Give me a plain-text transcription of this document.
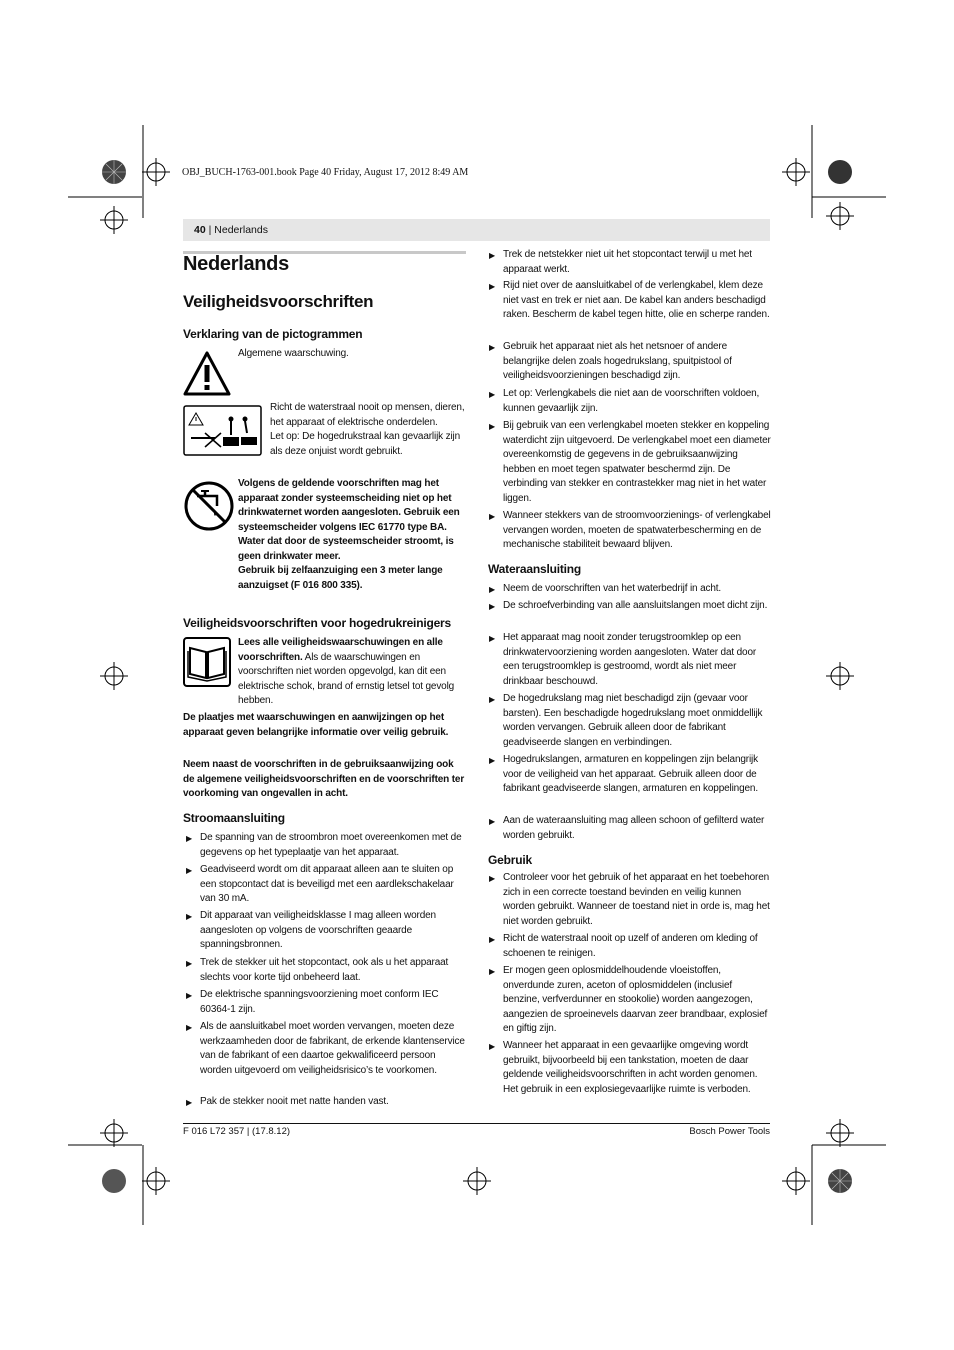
OBJ_BUCH-1763-001.book Page 40 Friday, August 17, 2012 8:49 AM
40 | Nederlands
Nederlands
Veiligheidsvoorschriften
Verklaring van de pictogrammen
Algemene waarschuwing.
Richt de waterstraal nooit op mensen, dieren, het apparaat of elektrische onderdelen.
Let op: De hogedrukstraal kan gevaarlijk zijn als deze onjuist wordt gebruikt.
Volgens de geldende voorschriften mag het apparaat zonder systeemscheiding niet op het drinkwaternet worden aangesloten. Gebruik een systeemscheider volgens IEC 61770 type BA.
Water dat door de systeemscheider stroomt, is geen drinkwater meer.
Gebruik bij zelfaanzuiging een 3 meter lange aanzuigset (F 016 800 335).
Veiligheidsvoorschriften voor hogedrukreinigers
Lees alle veiligheidswaarschuwingen en alle voorschriften. Als de waarschuwingen en voorschriften niet worden opgevolgd, kan dit een elektrische schok, brand of ernstig letsel tot gevolg hebben.
De plaatjes met waarschuwingen en aanwijzingen op het apparaat geven belangrijke informatie over veilig gebruik.
Neem naast de voorschriften in de gebruiksaanwijzing ook de algemene veiligheidsvoorschriften en de voorschriften ter voorkoming van ongevallen in acht.
Stroomaansluiting
▶ De spanning van de stroombron moet overeenkomen met de gegevens op het typeplaatje van het apparaat.
▶ Geadviseerd wordt om dit apparaat alleen aan te sluiten op een stopcontact dat is beveiligd met een aardlekschakelaar van 30 mA.
▶ Dit apparaat van veiligheidsklasse I mag alleen worden aangesloten op volgens de voorschriften geaarde spanningsbronnen.
▶ Trek de stekker uit het stopcontact, ook als u het apparaat slechts voor korte tijd onbeheerd laat.
▶ De elektrische spanningsvoorziening moet conform IEC 60364-1 zijn.
▶ Als de aansluitkabel moet worden vervangen, moeten deze werkzaamheden door de fabrikant, de erkende klantenservice van de fabrikant of een daartoe gekwalificeerd persoon worden uitgevoerd om veiligheidsrisico’s te voorkomen.
▶ Pak de stekker nooit met natte handen vast.
▶ Trek de netstekker niet uit het stopcontact terwijl u met het apparaat werkt.
▶ Rijd niet over de aansluitkabel of de verlengkabel, klem deze niet vast en trek er niet aan. De kabel kan anders beschadigd raken. Bescherm de kabel tegen hitte, olie en scherpe randen.
▶ Gebruik het apparaat niet als het netsnoer of andere belangrijke delen zoals hogedrukslang, spuitpistool of veiligheidsvoorzieningen beschadigd zijn.
▶ Let op: Verlengkabels die niet aan de voorschriften voldoen, kunnen gevaarlijk zijn.
▶ Bij gebruik van een verlengkabel moeten stekker en koppeling waterdicht zijn uitgevoerd. De verlengkabel moet een diameter overeenkomstig de gegevens in de gebruiksaanwijzing hebben en moet tegen spatwater beschermd zijn. De verbinding van stekker en contrastekker mag niet in het water liggen.
▶ Wanneer stekkers van de stroomvoorzienings- of verlengkabel vervangen worden, moeten de spatwaterbescherming en de mechanische stabiliteit bewaard blijven.
Wateraansluiting
▶ Neem de voorschriften van het waterbedrijf in acht.
▶ De schroefverbinding van alle aansluitslangen moet dicht zijn.
▶ Het apparaat mag nooit zonder terugstroomklep op een drinkwatervoorziening worden aangesloten. Water dat door een terugstroomklep is gestroomd, wordt als niet meer drinkbaar beschouwd.
▶ De hogedrukslang mag niet beschadigd zijn (gevaar voor barsten). Een beschadigde hogedrukslang moet onmiddellijk worden vervangen. Gebruik alleen door de fabrikant geadviseerde slangen en verbindingen.
▶ Hogedrukslangen, armaturen en koppelingen zijn belangrijk voor de veiligheid van het apparaat. Gebruik alleen door de fabrikant geadviseerde slangen, armaturen en koppelingen.
▶ Aan de wateraansluiting mag alleen schoon of gefilterd water worden gebruikt.
Gebruik
▶ Controleer voor het gebruik of het apparaat en het toebehoren zich in een correcte toestand bevinden en veilig kunnen worden gebruikt. Wanneer de toestand niet in orde is, mag het niet worden gebruikt.
▶ Richt de waterstraal nooit op uzelf of anderen om kleding of schoenen te reinigen.
▶ Er mogen geen oplosmiddelhoudende vloeistoffen, onverdunde zuren, aceton of oplosmiddelen (inclusief benzine, verfverdunner en stookolie) worden aangezogen, aangezien de sproeinevels daarvan zeer brandbaar, explosief en giftig zijn.
▶ Wanneer het apparaat in een gevaarlijke omgeving wordt gebruikt, bijvoorbeeld bij een tankstation, moeten de daar geldende veiligheidsvoorschriften in acht worden genomen. Het gebruik in een explosiegevaarlijke ruimte is verboden.
F 016 L72 357 | (17.8.12)	Bosch Power Tools
